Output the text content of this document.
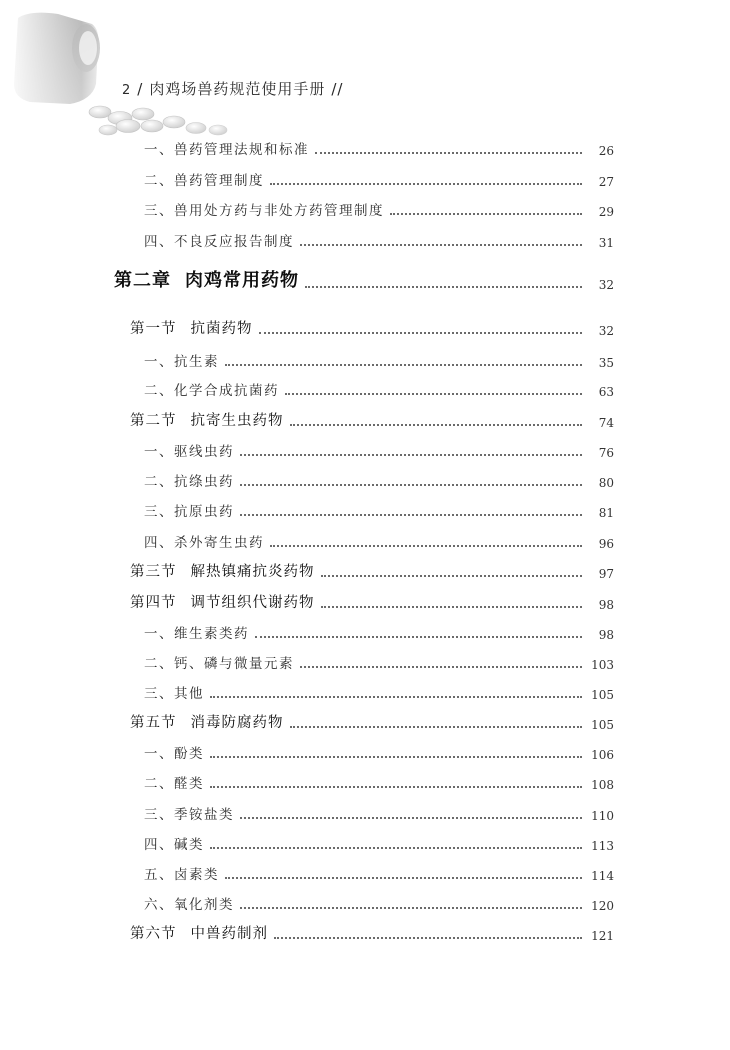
2 / 肉鸡场兽药规范使用手册 //
一、兽药管理法规和标准	26
二、兽药管理制度	27
三、兽用处方药与非处方药管理制度	29
四、不良反应报告制度	31
第二章 肉鸡常用药物	32
第一节 抗菌药物	32
一、抗生素	35
二、化学合成抗菌药	63
第二节 抗寄生虫药物	74
一、驱线虫药	76
二、抗绦虫药	80
三、抗原虫药	81
四、杀外寄生虫药	96
第三节 解热镇痛抗炎药物	97
第四节 调节组织代谢药物	98
一、维生素类药	98
二、钙、磷与微量元素	103
三、其他	105
第五节 消毒防腐药物	105
一、酚类	106
二、醛类	108
三、季铵盐类	110
四、碱类	113
五、卤素类	114
六、氧化剂类	120
第六节 中兽药制剂	121
